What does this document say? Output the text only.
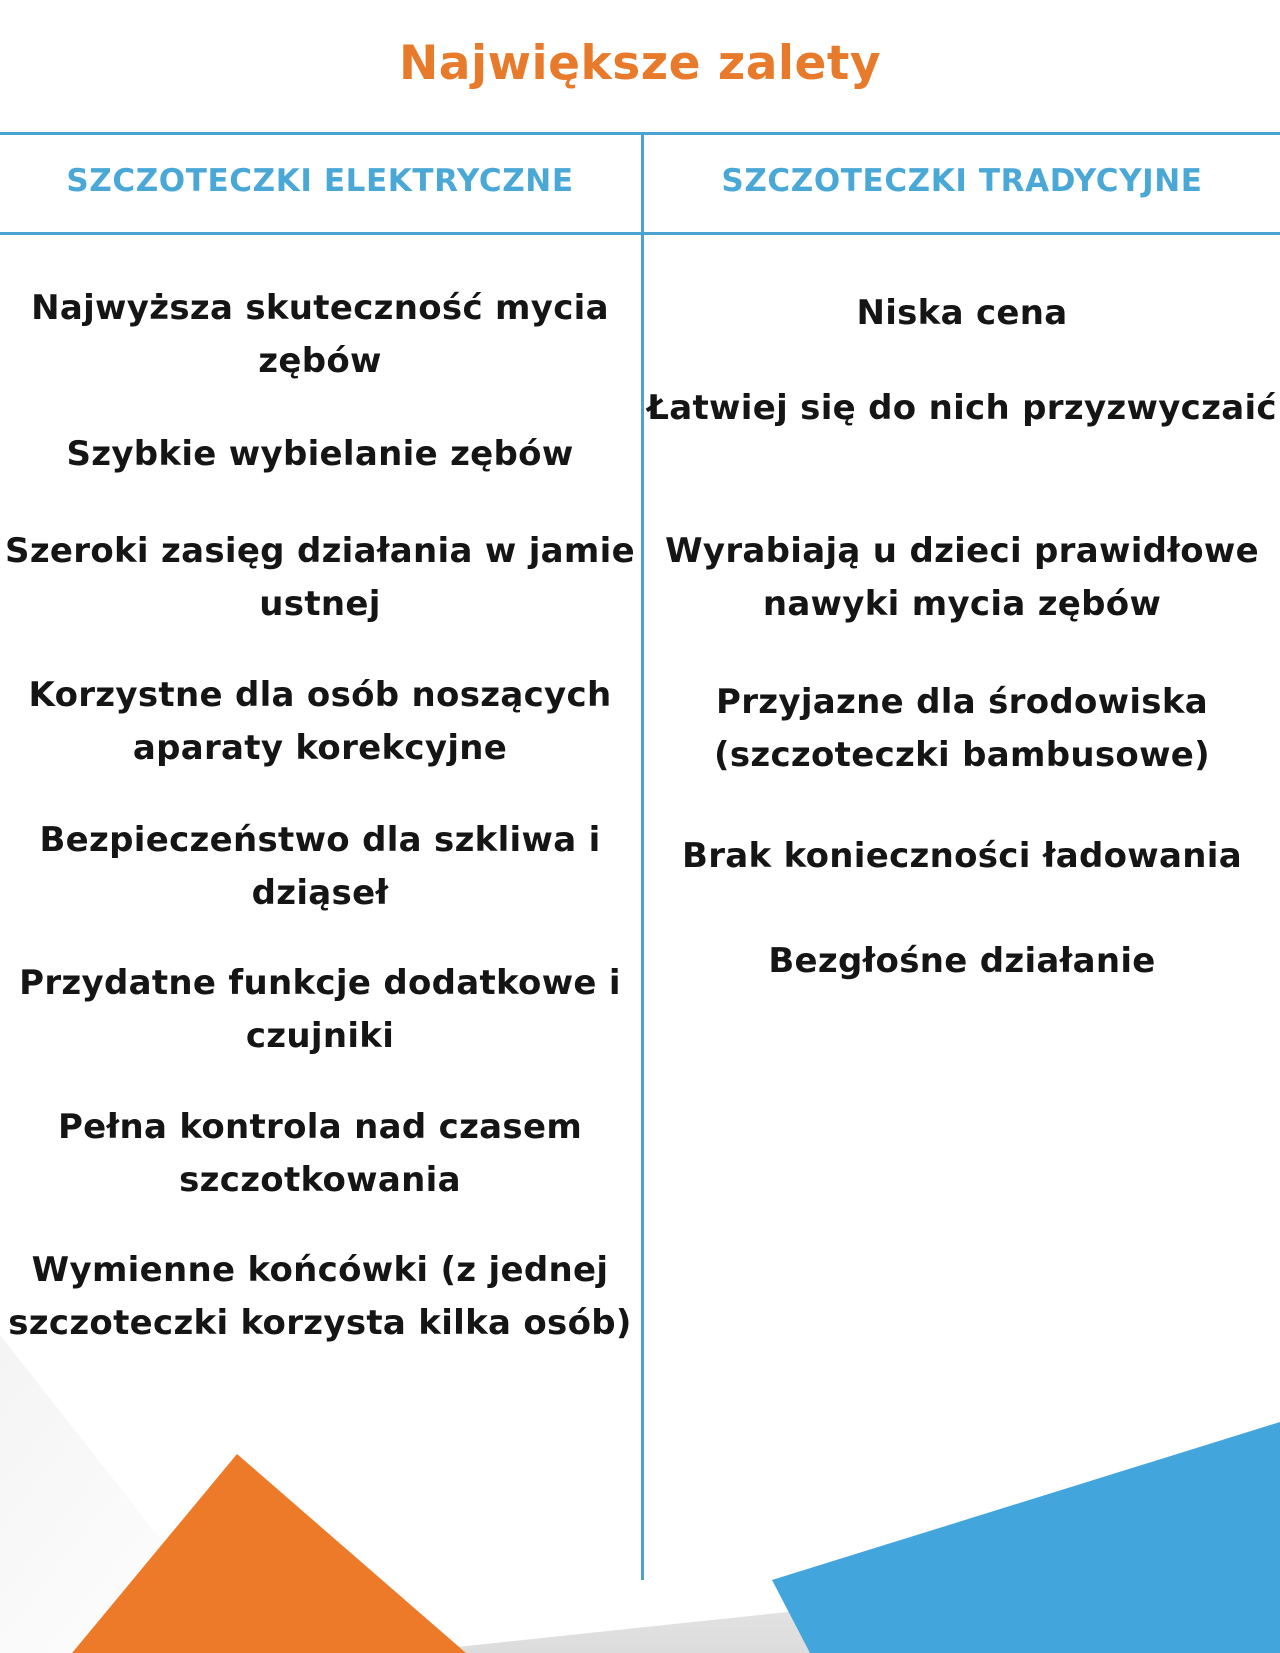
Największe zalety
SZCZOTECZKI ELEKTRYCZNE	SZCZOTECZKI TRADYCYJNE
Najwyższa skuteczność mycia zębów
Szybkie wybielanie zębów
Szeroki zasięg działania w jamie ustnej
Korzystne dla osób noszących aparaty korekcyjne
Bezpieczeństwo dla szkliwa i dziąseł
Przydatne funkcje dodatkowe i czujniki
Pełna kontrola nad czasem szczotkowania
Wymienne końcówki (z jednej szczoteczki korzysta kilka osób)
Niska cena
Łatwiej się do nich przyzwyczaić
Wyrabiają u dzieci prawidłowe nawyki mycia zębów
Przyjazne dla środowiska (szczoteczki bambusowe)
Brak konieczności ładowania
Bezgłośne działanie
